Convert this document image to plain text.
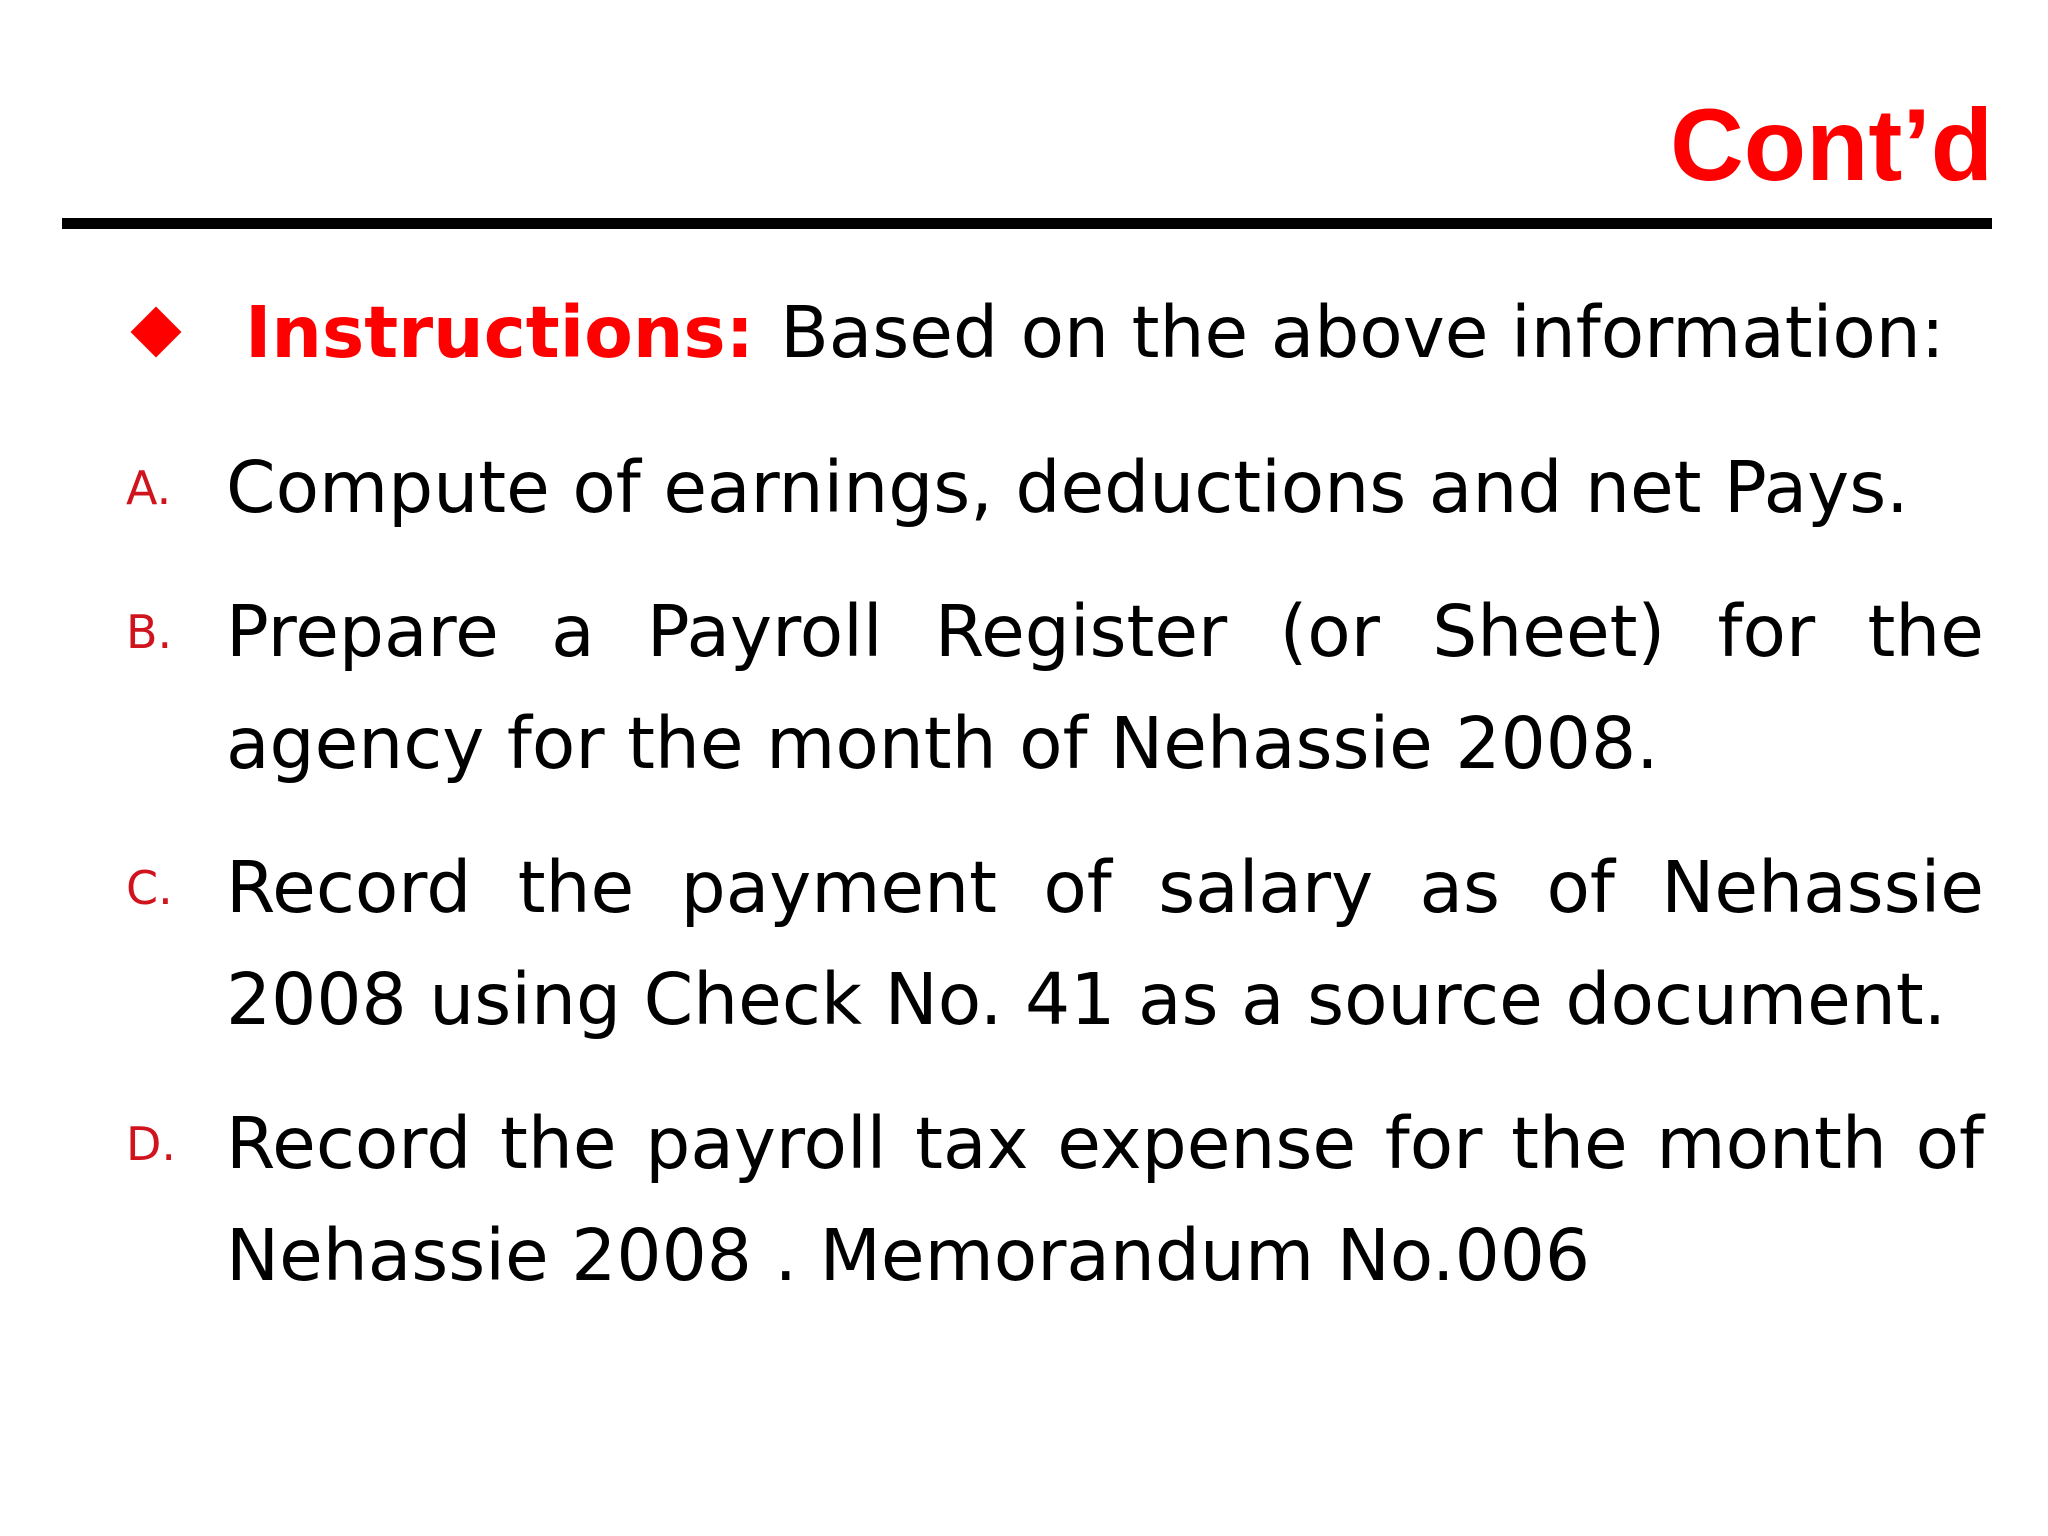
Cont’d
Instructions: Based on the above information:
A. Compute of earnings, deductions and net Pays.
B. Prepare a Payroll Register (or Sheet) for the agency for the month of Nehassie 2008.
C. Record the payment of salary as of Nehassie 2008 using Check No. 41 as a source document.
D. Record the payroll tax expense for the month of Nehassie 2008 . Memorandum No.006
